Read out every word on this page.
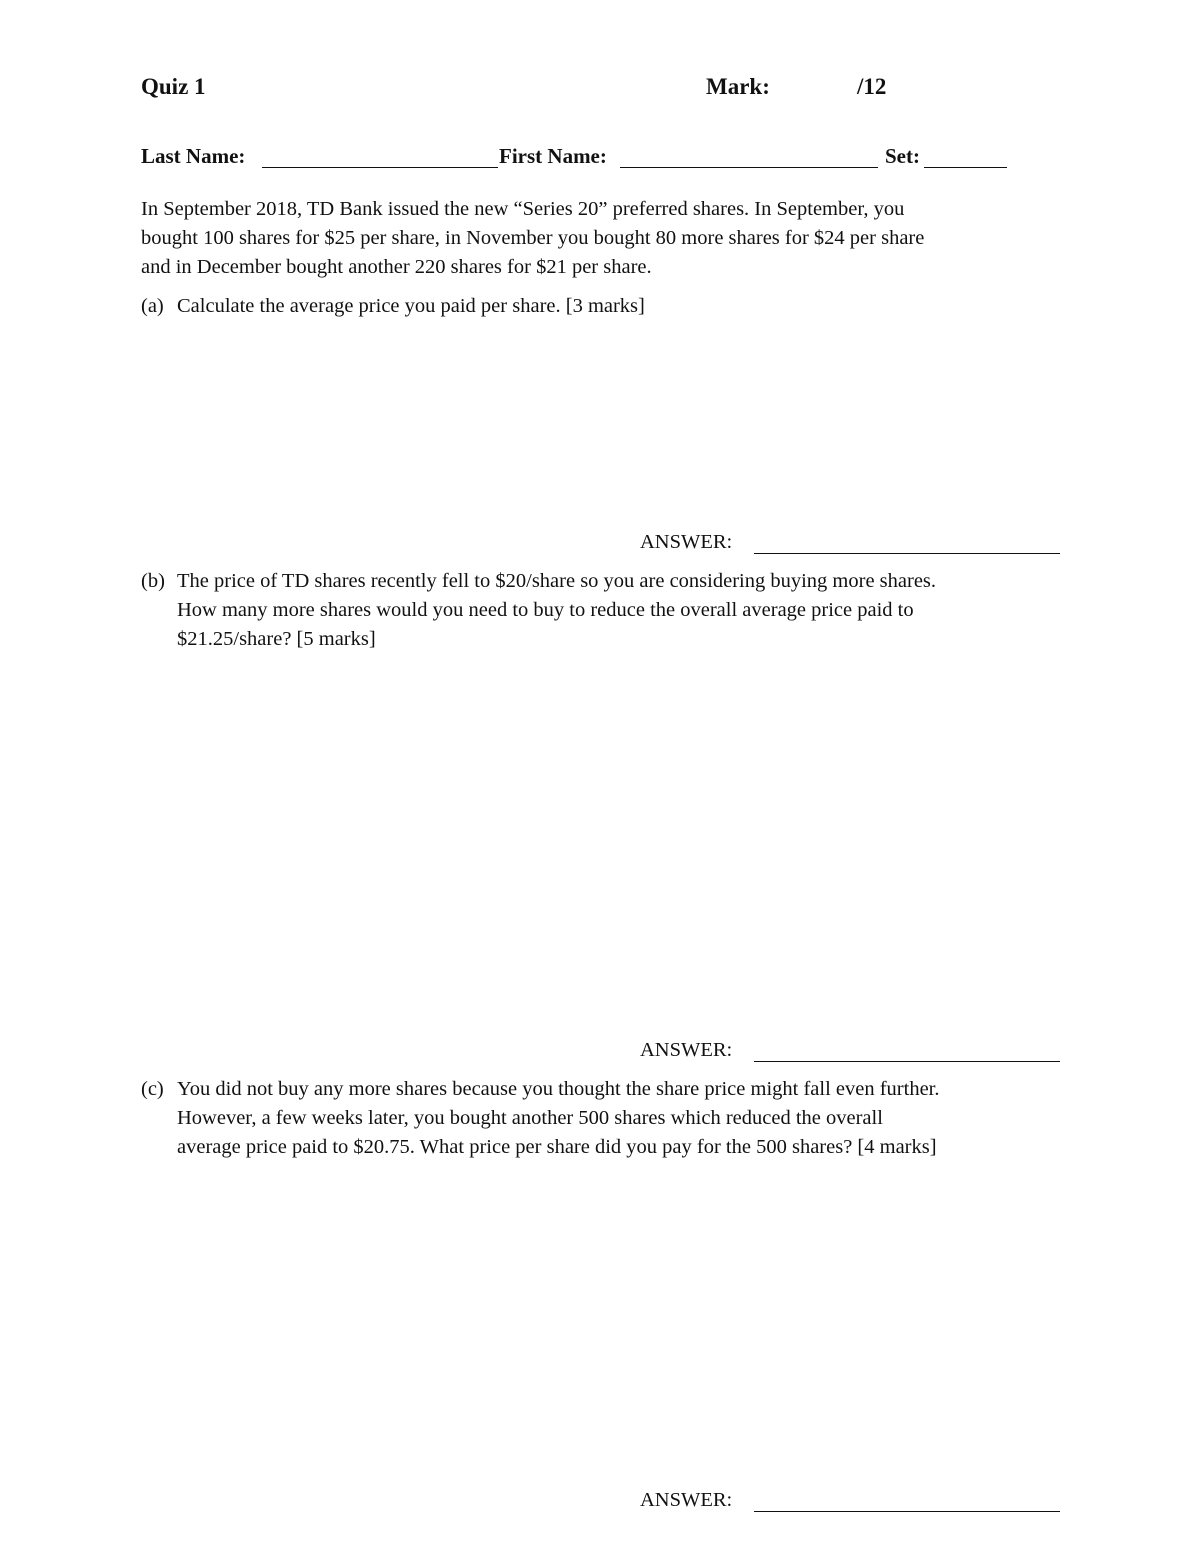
Quiz 1	Mark:	/12
Last Name:	First Name:	Set:
In September 2018, TD Bank issued the new “Series 20” preferred shares. In September, you
bought 100 shares for $25 per share, in November you bought 80 more shares for $24 per share
and in December bought another 220 shares for $21 per share.
(a) Calculate the average price you paid per share. [3 marks]
ANSWER:
(b) The price of TD shares recently fell to $20/share so you are considering buying more shares.
How many more shares would you need to buy to reduce the overall average price paid to
$21.25/share? [5 marks]
ANSWER:
(c) You did not buy any more shares because you thought the share price might fall even further.
However, a few weeks later, you bought another 500 shares which reduced the overall
average price paid to $20.75. What price per share did you pay for the 500 shares? [4 marks]
ANSWER:
